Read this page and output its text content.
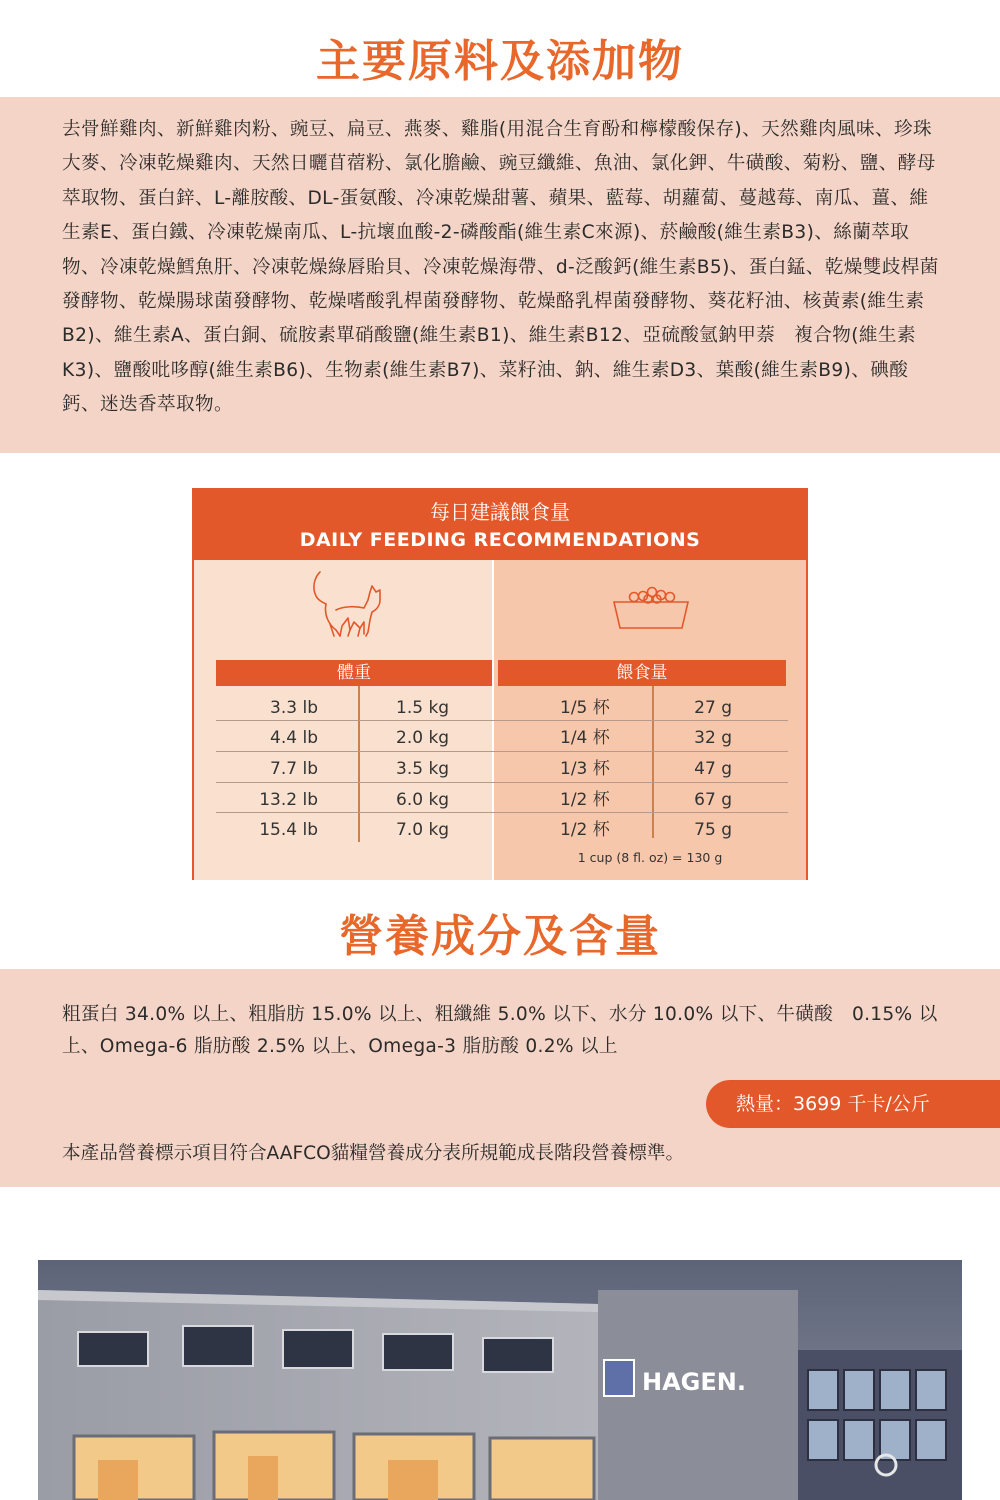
主要原料及添加物

去骨鮮雞肉、新鮮雞肉粉、豌豆、扁豆、燕麥、雞脂(用混合生育酚和檸檬酸保存)、天然雞肉風味、珍珠大麥、冷凍乾燥雞肉、天然日曬苜蓿粉、氯化膽鹼、豌豆纖維、魚油、氯化鉀、牛磺酸、菊粉、鹽、酵母萃取物、蛋白鋅、L-離胺酸、DL-蛋氨酸、冷凍乾燥甜薯、蘋果、藍莓、胡蘿蔔、蔓越莓、南瓜、薑、維生素E、蛋白鐵、冷凍乾燥南瓜、L-抗壞血酸-2-磷酸酯(維生素C來源)、菸鹼酸(維生素B3)、絲蘭萃取物、冷凍乾燥鱈魚肝、冷凍乾燥綠唇貽貝、冷凍乾燥海帶、d-泛酸鈣(維生素B5)、蛋白錳、乾燥雙歧桿菌發酵物、乾燥腸球菌發酵物、乾燥嗜酸乳桿菌發酵物、乾燥酪乳桿菌發酵物、葵花籽油、核黃素(維生素B2)、維生素A、蛋白銅、硫胺素單硝酸鹽(維生素B1)、維生素B12、亞硫酸氫鈉甲萘　複合物(維生素K3)、鹽酸吡哆醇(維生素B6)、生物素(維生素B7)、菜籽油、鈉、維生素D3、葉酸(維生素B9)、碘酸鈣、迷迭香萃取物。

每日建議餵食量
DAILY FEEDING RECOMMENDATIONS
體重	餵食量
3.3 lb	1.5 kg	1/5 杯	27 g
4.4 lb	2.0 kg	1/4 杯	32 g
7.7 lb	3.5 kg	1/3 杯	47 g
13.2 lb	6.0 kg	1/2 杯	67 g
15.4 lb	7.0 kg	1/2 杯	75 g
1 cup (8 fl. oz) = 130 g
營養成分及含量

粗蛋白 34.0% 以上、粗脂肪 15.0% 以上、粗纖維 5.0% 以下、水分 10.0% 以下、牛磺酸　0.15% 以上、Omega-6 脂肪酸 2.5% 以上、Omega-3 脂肪酸 0.2% 以上

熱量：3699 千卡/公斤

本產品營養標示項目符合AAFCO貓糧營養成分表所規範成長階段營養標準。

HAGEN.
